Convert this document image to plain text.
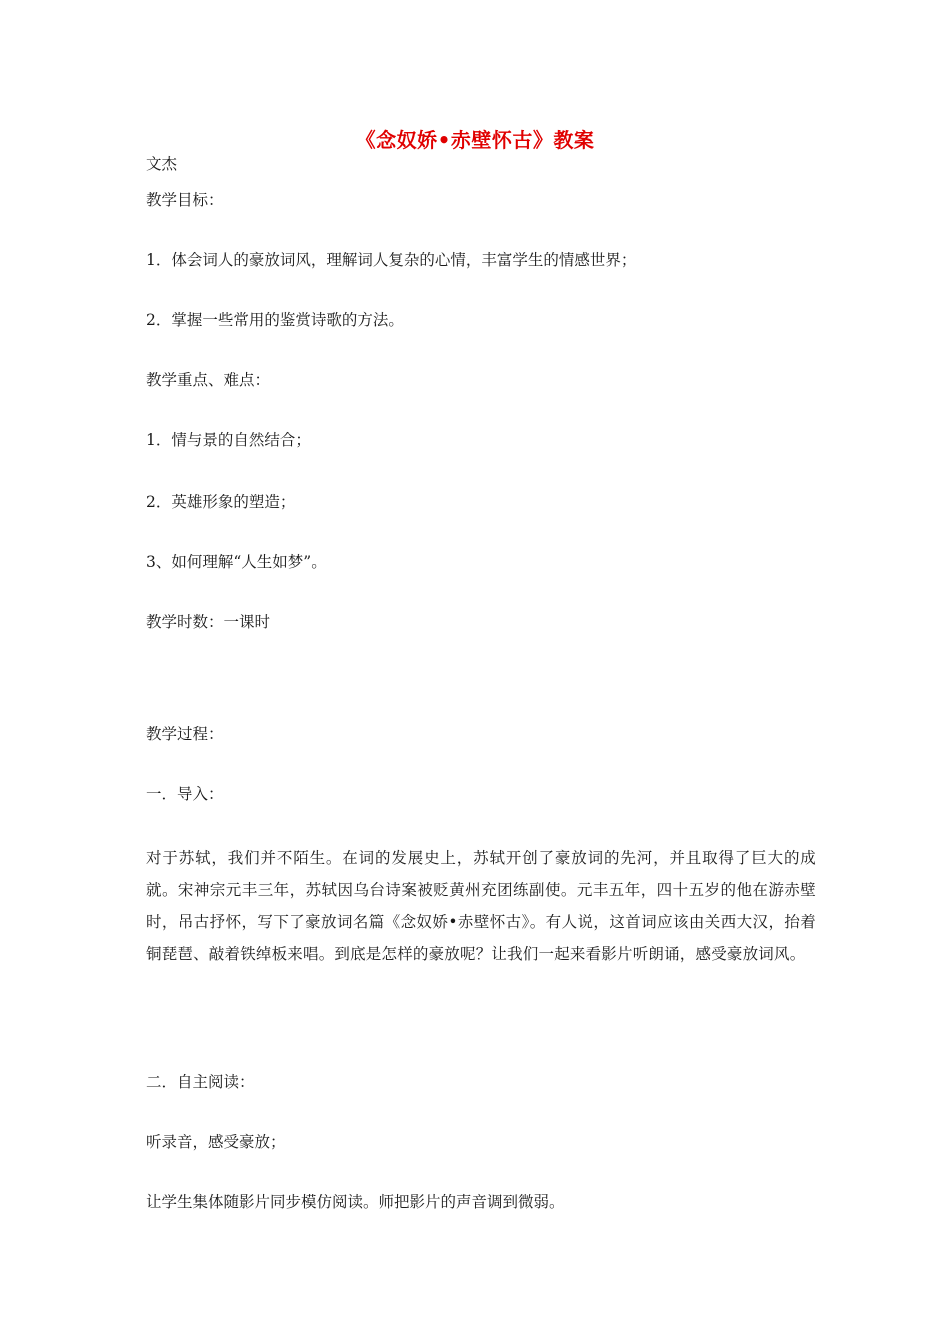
《念奴娇•赤壁怀古》教案

文杰

教学目标：

1．体会词人的豪放词风，理解词人复杂的心情，丰富学生的情感世界；

2．掌握一些常用的鉴赏诗歌的方法。

教学重点、难点：

1．情与景的自然结合；

2．英雄形象的塑造；

3、如何理解“人生如梦”。

教学时数：一课时

教学过程：

一．导入：

对于苏轼，我们并不陌生。在词的发展史上，苏轼开创了豪放词的先河，并且取得了巨大的成就。宋神宗元丰三年，苏轼因乌台诗案被贬黄州充团练副使。元丰五年，四十五岁的他在游赤壁时，吊古抒怀，写下了豪放词名篇《念奴娇•赤壁怀古》。有人说，这首词应该由关西大汉，抬着铜琵琶、敲着铁绰板来唱。到底是怎样的豪放呢？让我们一起来看影片听朗诵，感受豪放词风。

二．自主阅读：

听录音，感受豪放；

让学生集体随影片同步模仿阅读。师把影片的声音调到微弱。
